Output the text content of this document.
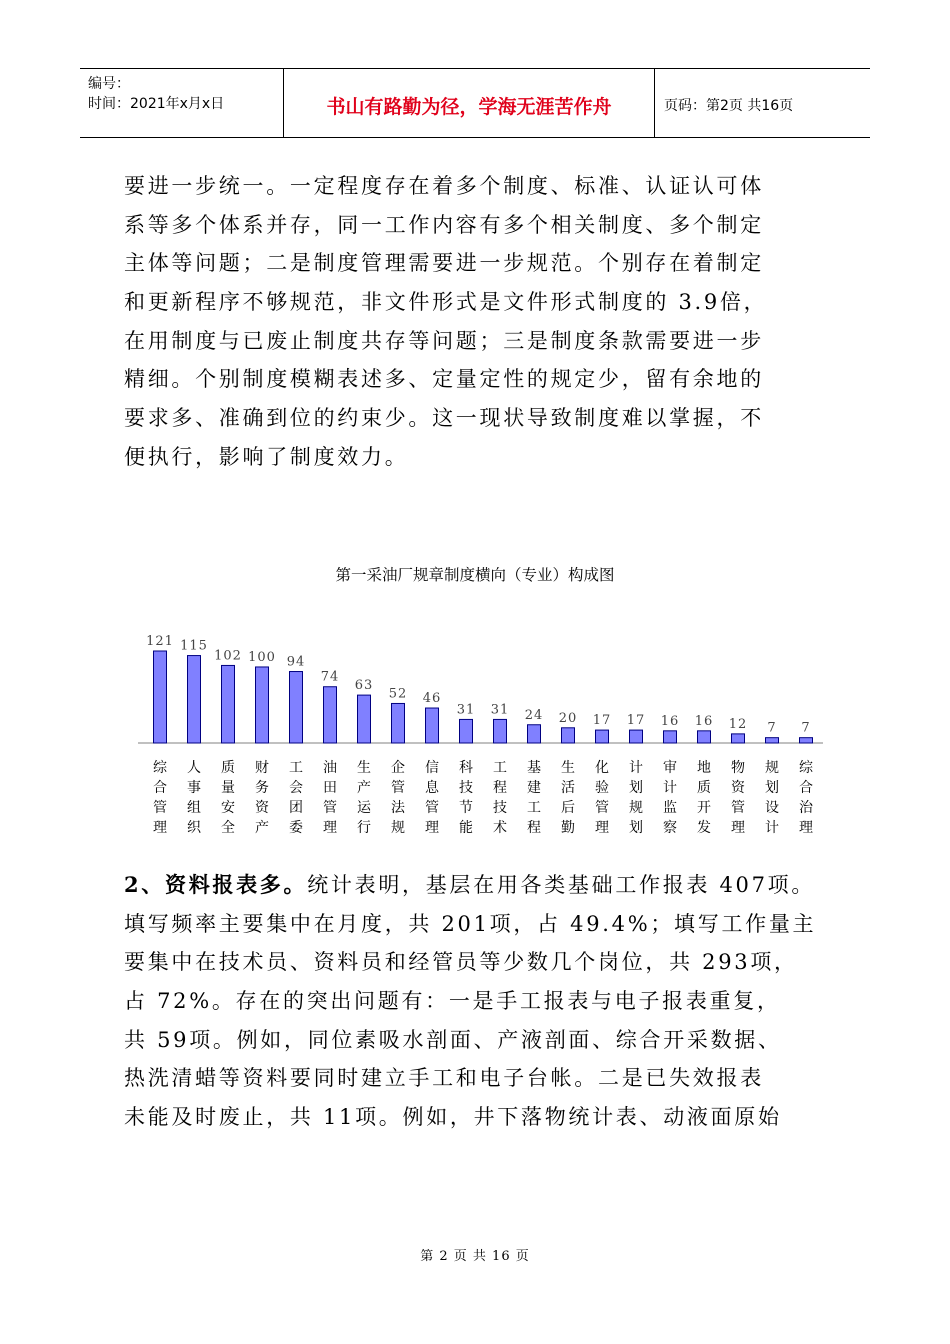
编号：
时间：2021年x月x日	书山有路勤为径，学海无涯苦作舟	页码：第2页 共16页
要进一步统一。一定程度存在着多个制度、标准、认证认可体
系等多个体系并存，同一工作内容有多个相关制度、多个制定
主体等问题；二是制度管理需要进一步规范。个别存在着制定
和更新程序不够规范，非文件形式是文件形式制度的 3.9倍，
在用制度与已废止制度共存等问题；三是制度条款需要进一步
精细。个别制度模糊表述多、定量定性的规定少，留有余地的
要求多、准确到位的约束少。这一现状导致制度难以掌握，不
便执行，影响了制度效力。
第一采油厂规章制度横向（专业）构成图
121
综合管理
115
人事组织
102
质量安全
100
财务资产
94
工会团委
74
油田管理
63
生产运行
52
企管法规
46
信息管理
31
科技节能
31
工程技术
24
基建工程
20
生活后勤
17
化验管理
17
计划规划
16
审计监察
16
地质开发
12
物资管理
7
规划设计
7
综合治理
2、资料报表多。统计表明，基层在用各类基础工作报表 407项。
填写频率主要集中在月度，共 201项，占 49.4%；填写工作量主
要集中在技术员、资料员和经管员等少数几个岗位，共 293项，
占 72%。存在的突出问题有：一是手工报表与电子报表重复，
共 59项。例如，同位素吸水剖面、产液剖面、综合开采数据、
热洗清蜡等资料要同时建立手工和电子台帐。二是已失效报表
未能及时废止，共 11项。例如，井下落物统计表、动液面原始
第 2 页 共 16 页
